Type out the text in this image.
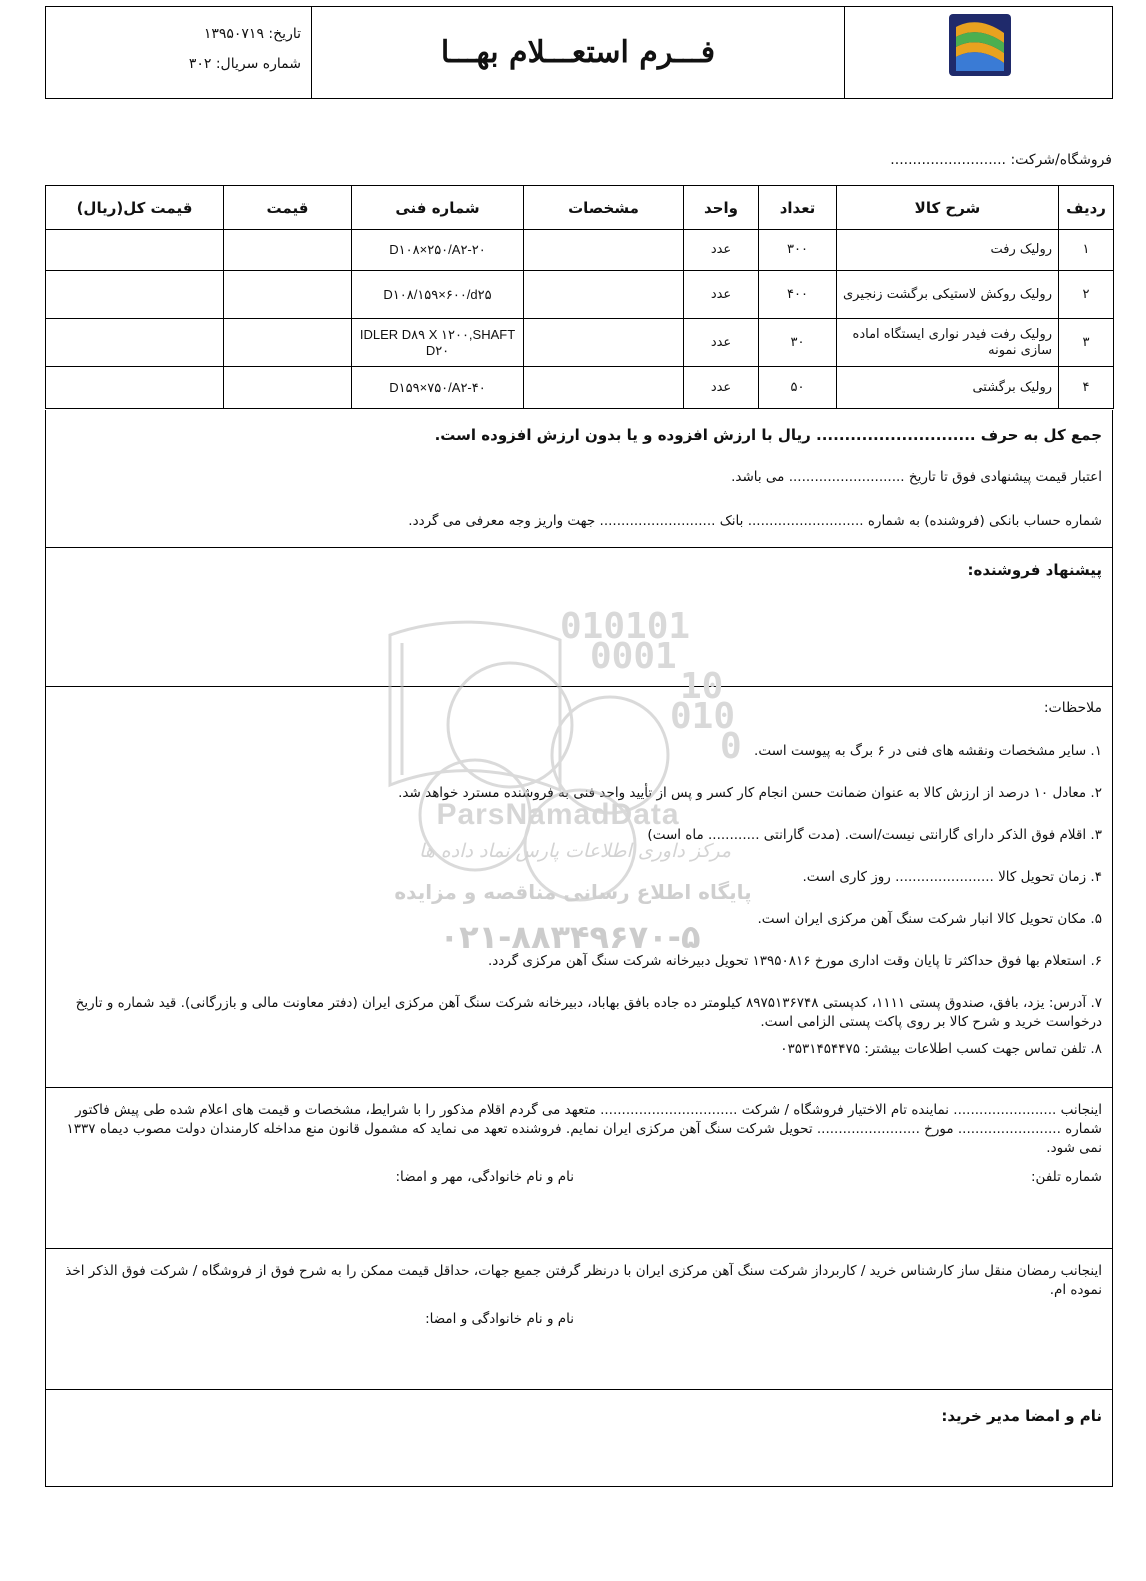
فـــرم استعـــلام بهـــا
تاریخ: ۱۳۹۵۰۷۱۹
شماره سریال: ۳۰۲
فروشگاه/شرکت: ..........................
ردیف	شرح کالا	تعداد	واحد	مشخصات	شماره فنی	قیمت	قیمت کل(ریال)
۱	رولیک رفت	۳۰۰	عدد		D۱۰۸×۲۵۰/A۲-۲۰		
۲	رولیک روکش لاستیکی برگشت زنجیری	۴۰۰	عدد		D۱۰۸/۱۵۹×۶۰۰/d۲۵		
۳	رولیک رفت فیدر نواری ایستگاه اماده سازی نمونه	۳۰	عدد		IDLER D۸۹ X ۱۲۰۰,SHAFT D۲۰		
۴	رولیک برگشتی	۵۰	عدد		D۱۵۹×۷۵۰/A۲-۴۰		
جمع کل به حرف ............................ ریال با ارزش افزوده و یا بدون ارزش افزوده است.
اعتبار قیمت پیشنهادی فوق تا تاریخ ........................... می باشد.
شماره حساب بانکی (فروشنده) به شماره ........................... بانک ........................... جهت واریز وجه معرفی می گردد.
پیشنهاد فروشنده:
ملاحظات:
۱. سایر مشخصات ونقشه های فنی در ۶ برگ به پیوست است.
۲. معادل ۱۰ درصد از ارزش کالا به عنوان ضمانت حسن انجام کار کسر و پس از تأیید واحد فنی به فروشنده مسترد خواهد شد.
۳. اقلام فوق الذکر دارای گارانتی نیست/است. (مدت گارانتی ............ ماه است)
۴. زمان تحویل کالا ....................... روز کاری است.
۵. مکان تحویل کالا انبار شرکت سنگ آهن مرکزی ایران است.
۶. استعلام بها فوق حداکثر تا پایان وقت اداری مورخ ۱۳۹۵۰۸۱۶ تحویل دبیرخانه شرکت سنگ آهن مرکزی گردد.
۷. آدرس: یزد، بافق، صندوق پستی ۱۱۱۱، کدپستی ۸۹۷۵۱۳۶۷۴۸ کیلومتر ده جاده بافق بهاباد، دبیرخانه شرکت سنگ آهن مرکزی ایران (دفتر معاونت مالی و بازرگانی). قید شماره و تاریخ درخواست خرید و شرح کالا بر روی پاکت پستی الزامی است.
۸. تلفن تماس جهت کسب اطلاعات بیشتر: ۰۳۵۳۱۴۵۴۴۷۵
اینجانب ........................ نماینده تام الاختیار فروشگاه / شرکت ................................ متعهد می گردم اقلام مذکور را با شرایط، مشخصات و قیمت های اعلام شده طی پیش فاکتور شماره ........................ مورخ ........................ تحویل شرکت سنگ آهن مرکزی ایران نمایم. فروشنده تعهد می نماید که مشمول قانون منع مداخله کارمندان دولت مصوب دیماه ۱۳۳۷ نمی شود.
شماره تلفن:
نام و نام خانوادگی، مهر و امضا:
اینجانب رمضان منقل ساز کارشناس خرید / کاربرداز شرکت سنگ آهن مرکزی ایران با درنظر گرفتن جمیع جهات، حداقل قیمت ممکن را به شرح فوق از فروشگاه / شرکت فوق الذکر اخذ نموده ام.
نام و نام خانوادگی و امضا:
نام و امضا مدیر خرید:
010101
0001
10
010
0
ParsNamadData
مرکز داوری اطلاعات پارس نماد داده ها
پایگاه اطلاع رسانی مناقصه و مزایده
۰۲۱-۸۸۳۴۹۶۷۰-۵
